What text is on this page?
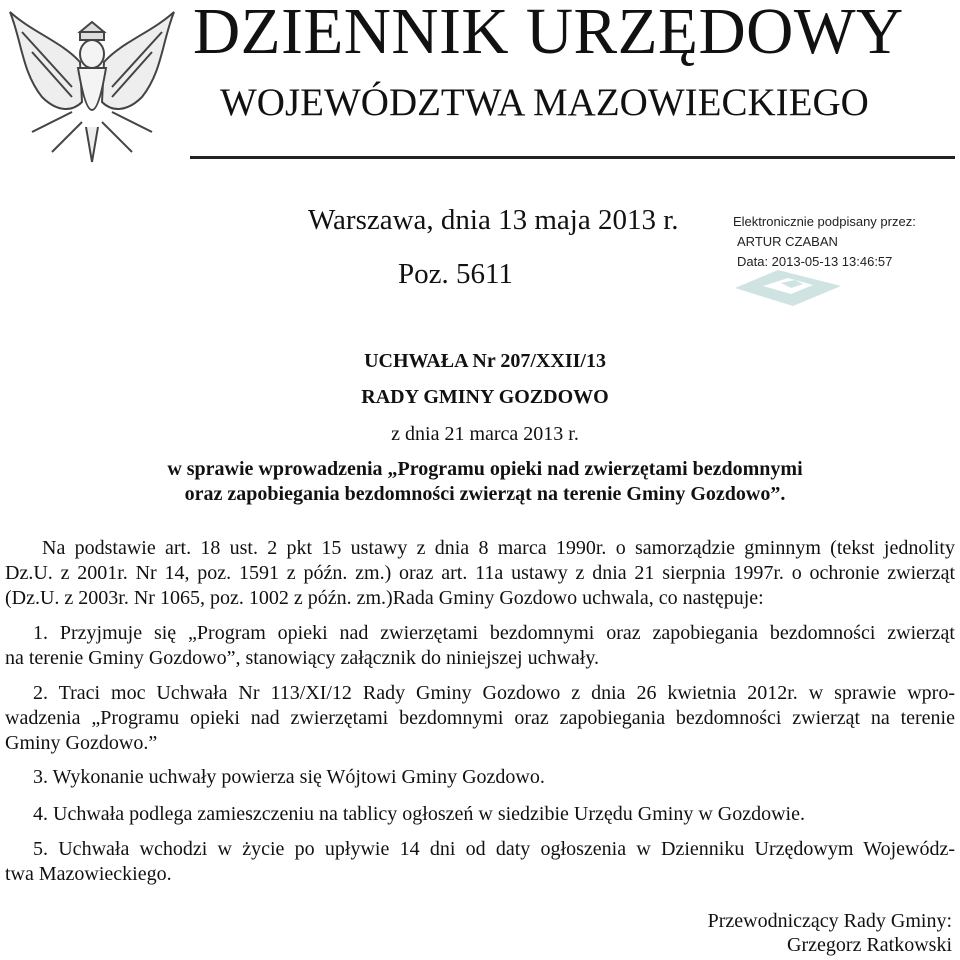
DZIENNIK URZĘDOWY
WOJEWÓDZTWA MAZOWIECKIEGO
Warszawa, dnia 13 maja 2013 r.
Poz. 5611
Elektronicznie podpisany przez:
ARTUR CZABAN
Data: 2013-05-13 13:46:57
UCHWAŁA Nr 207/XXII/13
RADY GMINY GOZDOWO
z dnia 21 marca 2013 r.
w sprawie wprowadzenia „Programu opieki nad zwierzętami bezdomnymi
oraz zapobiegania bezdomności zwierząt na terenie Gminy Gozdowo”.
Na podstawie art. 18 ust. 2 pkt 15 ustawy z dnia 8 marca 1990r. o samorządzie gminnym (tekst jednolity
Dz.U. z 2001r. Nr 14, poz. 1591 z późn. zm.) oraz art. 11a ustawy z dnia 21 sierpnia 1997r. o ochronie zwierząt
(Dz.U. z 2003r. Nr 1065, poz. 1002 z późn. zm.)Rada Gminy Gozdowo uchwala, co następuje:
1. Przyjmuje się „Program opieki nad zwierzętami bezdomnymi oraz zapobiegania bezdomności zwierząt
na terenie Gminy Gozdowo”, stanowiący załącznik do niniejszej uchwały.
2. Traci moc Uchwała Nr 113/XI/12 Rady Gminy Gozdowo z dnia 26 kwietnia 2012r. w sprawie wpro-
wadzenia „Programu opieki nad zwierzętami bezdomnymi oraz zapobiegania bezdomności zwierząt na terenie
Gminy Gozdowo.”
3. Wykonanie uchwały powierza się Wójtowi Gminy Gozdowo.
4. Uchwała podlega zamieszczeniu na tablicy ogłoszeń w siedzibie Urzędu Gminy w Gozdowie.
5. Uchwała wchodzi w życie po upływie 14 dni od daty ogłoszenia w Dzienniku Urzędowym Wojewódz-
twa Mazowieckiego.
Przewodniczący Rady Gminy:
Grzegorz Ratkowski
